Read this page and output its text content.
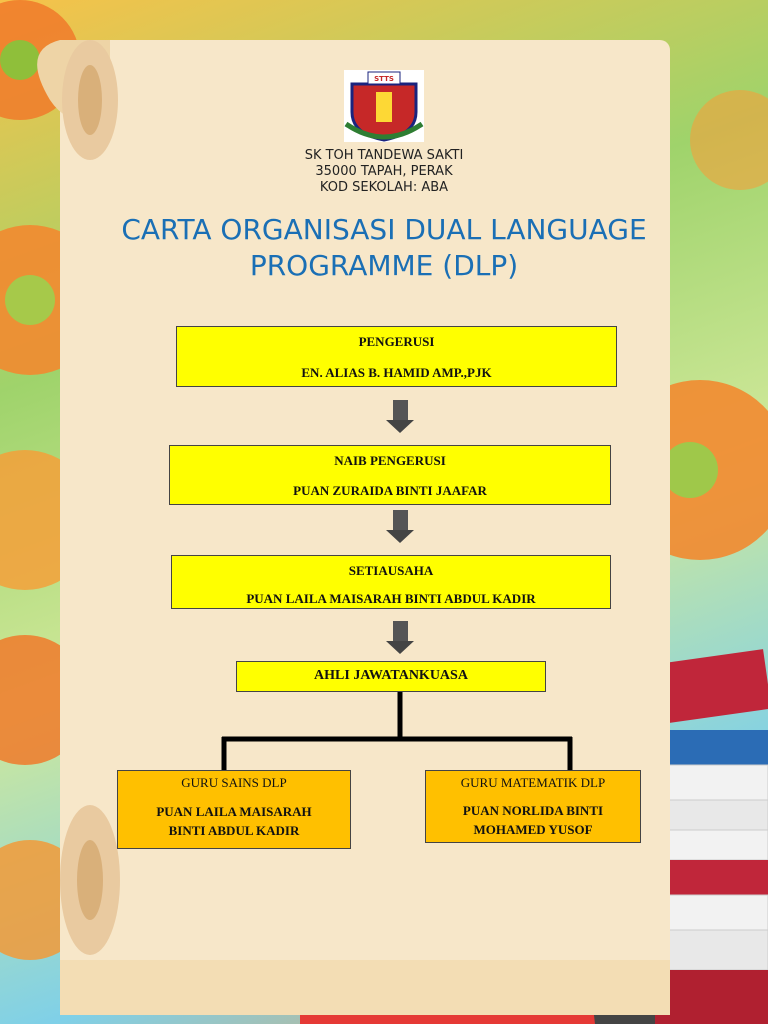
STTS
SK TOH TANDEWA SAKTI
35000 TAPAH, PERAK
KOD SEKOLAH: ABA
CARTA ORGANISASI DUAL LANGUAGE
PROGRAMME (DLP)
PENGERUSI
EN. ALIAS B. HAMID AMP.,PJK
NAIB PENGERUSI
PUAN ZURAIDA BINTI JAAFAR
SETIAUSAHA
PUAN LAILA MAISARAH BINTI ABDUL KADIR
AHLI JAWATANKUASA
GURU SAINS DLP
PUAN LAILA MAISARAH
BINTI ABDUL KADIR
GURU MATEMATIK DLP
PUAN NORLIDA BINTI
MOHAMED YUSOF
